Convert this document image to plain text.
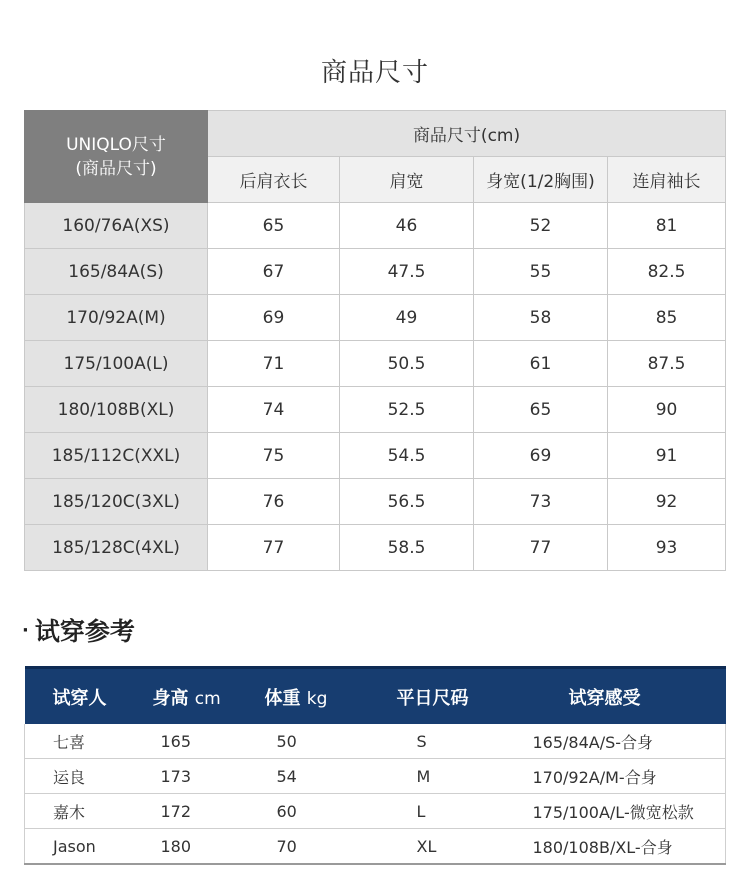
商品尺寸
UNIQLO尺寸
(商品尺寸)	商品尺寸(cm)			
	后肩衣长	肩宽	身宽(1/2胸围)	连肩袖长
160/76A(XS)	65	46	52	81
165/84A(S)	67	47.5	55	82.5
170/92A(M)	69	49	58	85
175/100A(L)	71	50.5	61	87.5
180/108B(XL)	74	52.5	65	90
185/112C(XXL)	75	54.5	69	91
185/120C(3XL)	76	56.5	73	92
185/128C(4XL)	77	58.5	77	93
· 试穿参考
试穿人	身高 cm	体重 kg	平日尺码	试穿感受
七喜	165	50	S	165/84A/S-合身
运良	173	54	M	170/92A/M-合身
嘉木	172	60	L	175/100A/L-微宽松款
Jason	180	70	XL	180/108B/XL-合身
